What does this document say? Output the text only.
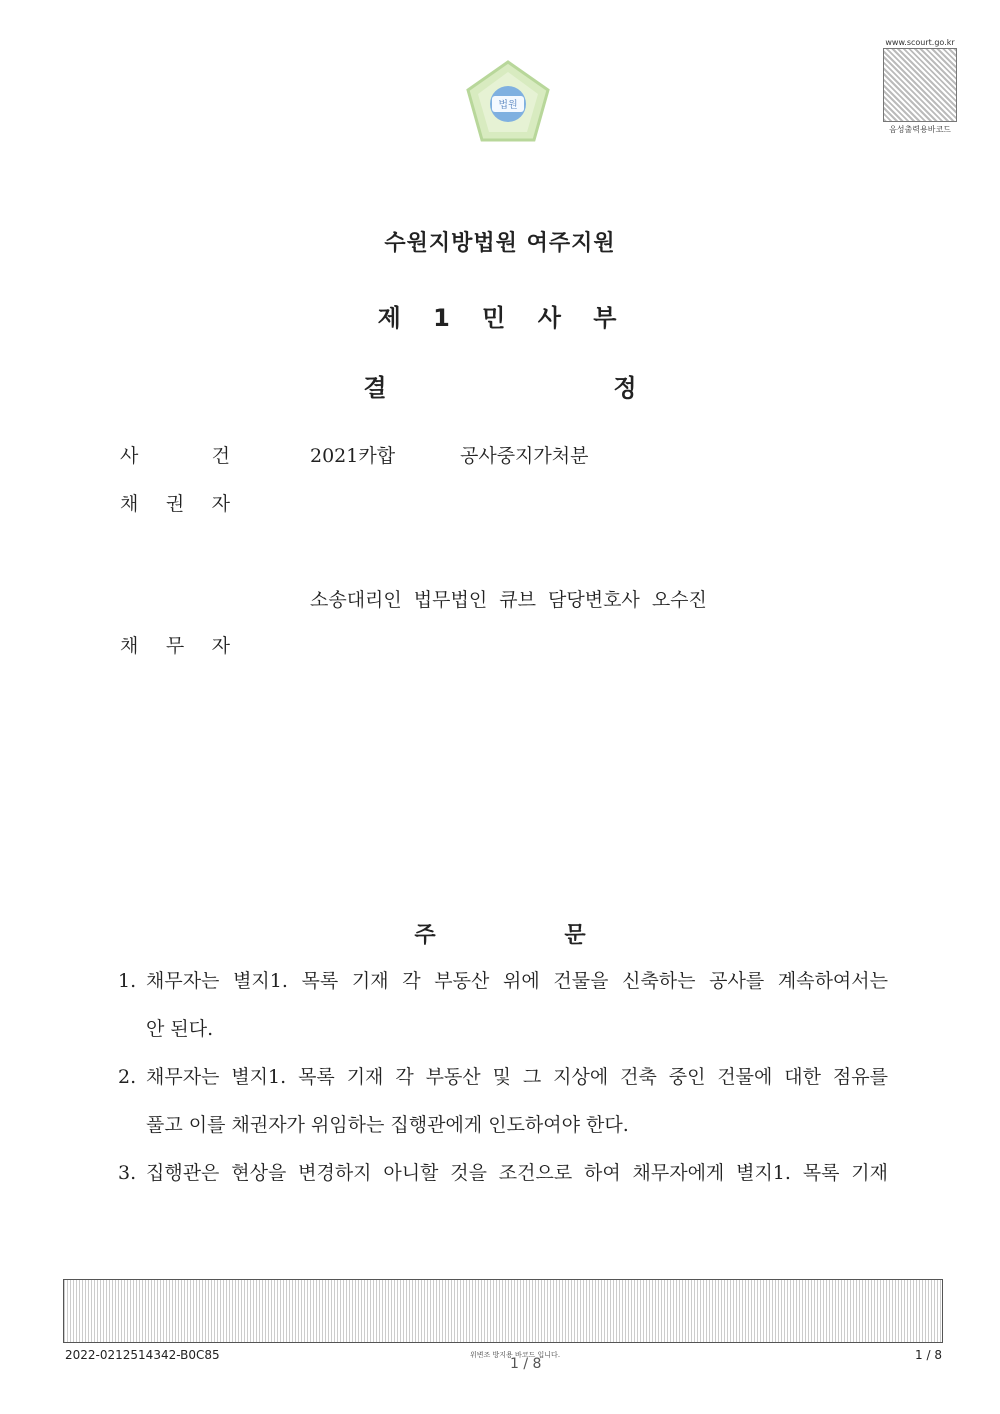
법원
www.scourt.go.kr
음성출력용바코드
수원지방법원 여주지원
제 1 민 사 부
결	정
사	건	2021카합	공사중지가처분
채 권 자
소송대리인 법무법인 큐브 담당변호사 오수진
채 무 자
주	문
1. 채무자는 별지1. 목록 기재 각 부동산 위에 건물을 신축하는 공사를 계속하여서는
안 된다.
2. 채무자는 별지1. 목록 기재 각 부동산 및 그 지상에 건축 중인 건물에 대한 점유를
풀고 이를 채권자가 위임하는 집행관에게 인도하여야 한다.
3. 집행관은 현상을 변경하지 아니할 것을 조건으로 하여 채무자에게 별지1. 목록 기재
2022-0212514342-B0C85	위변조 방지용 바코드 입니다.
1 / 8
1 / 8
